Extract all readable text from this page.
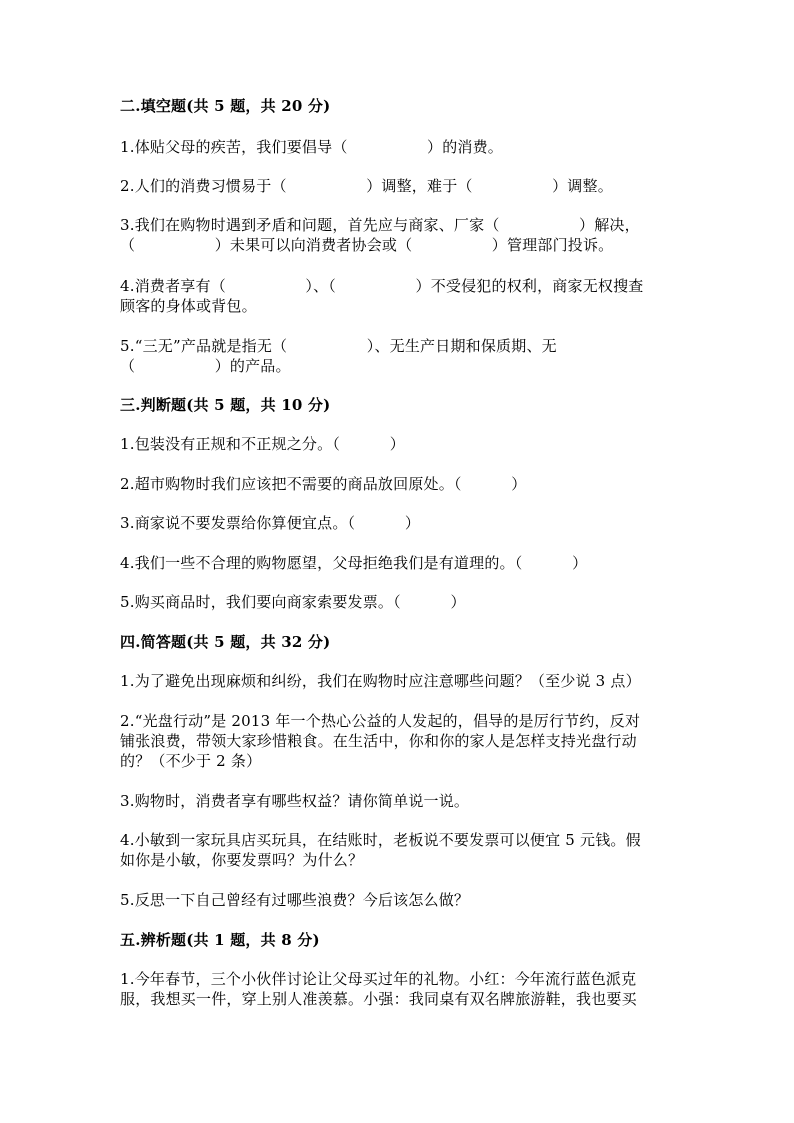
二.填空题(共 5 题，共 20 分)
1.体贴父母的疾苦，我们要倡导（                ）的消费。
2.人们的消费习惯易于（                ）调整，难于（                ）调整。
3.我们在购物时遇到矛盾和问题，首先应与商家、厂家（                ）解决，
（                ）未果可以向消费者协会或（                ）管理部门投诉。
4.消费者享有（                ）、（                ）不受侵犯的权利，商家无权搜查
顾客的身体或背包。
5.“三无”产品就是指无（                ）、无生产日期和保质期、无
（                ）的产品。
三.判断题(共 5 题，共 10 分)
1.包装没有正规和不正规之分。（          ）
2.超市购物时我们应该把不需要的商品放回原处。（          ）
3.商家说不要发票给你算便宜点。（          ）
4.我们一些不合理的购物愿望，父母拒绝我们是有道理的。（          ）
5.购买商品时，我们要向商家索要发票。（          ）
四.简答题(共 5 题，共 32 分)
1.为了避免出现麻烦和纠纷，我们在购物时应注意哪些问题？（至少说 3 点）
2.“光盘行动”是 2013 年一个热心公益的人发起的，倡导的是厉行节约，反对
铺张浪费，带领大家珍惜粮食。在生活中，你和你的家人是怎样支持光盘行动
的？（不少于 2 条）
3.购物时，消费者享有哪些权益？请你简单说一说。
4.小敏到一家玩具店买玩具，在结账时，老板说不要发票可以便宜 5 元钱。假
如你是小敏，你要发票吗？为什么？
5.反思一下自己曾经有过哪些浪费？今后该怎么做？
五.辨析题(共 1 题，共 8 分)
1.今年春节，三个小伙伴讨论让父母买过年的礼物。小红：今年流行蓝色派克
服，我想买一件，穿上别人准羡慕。小强：我同桌有双名牌旅游鞋，我也要买
